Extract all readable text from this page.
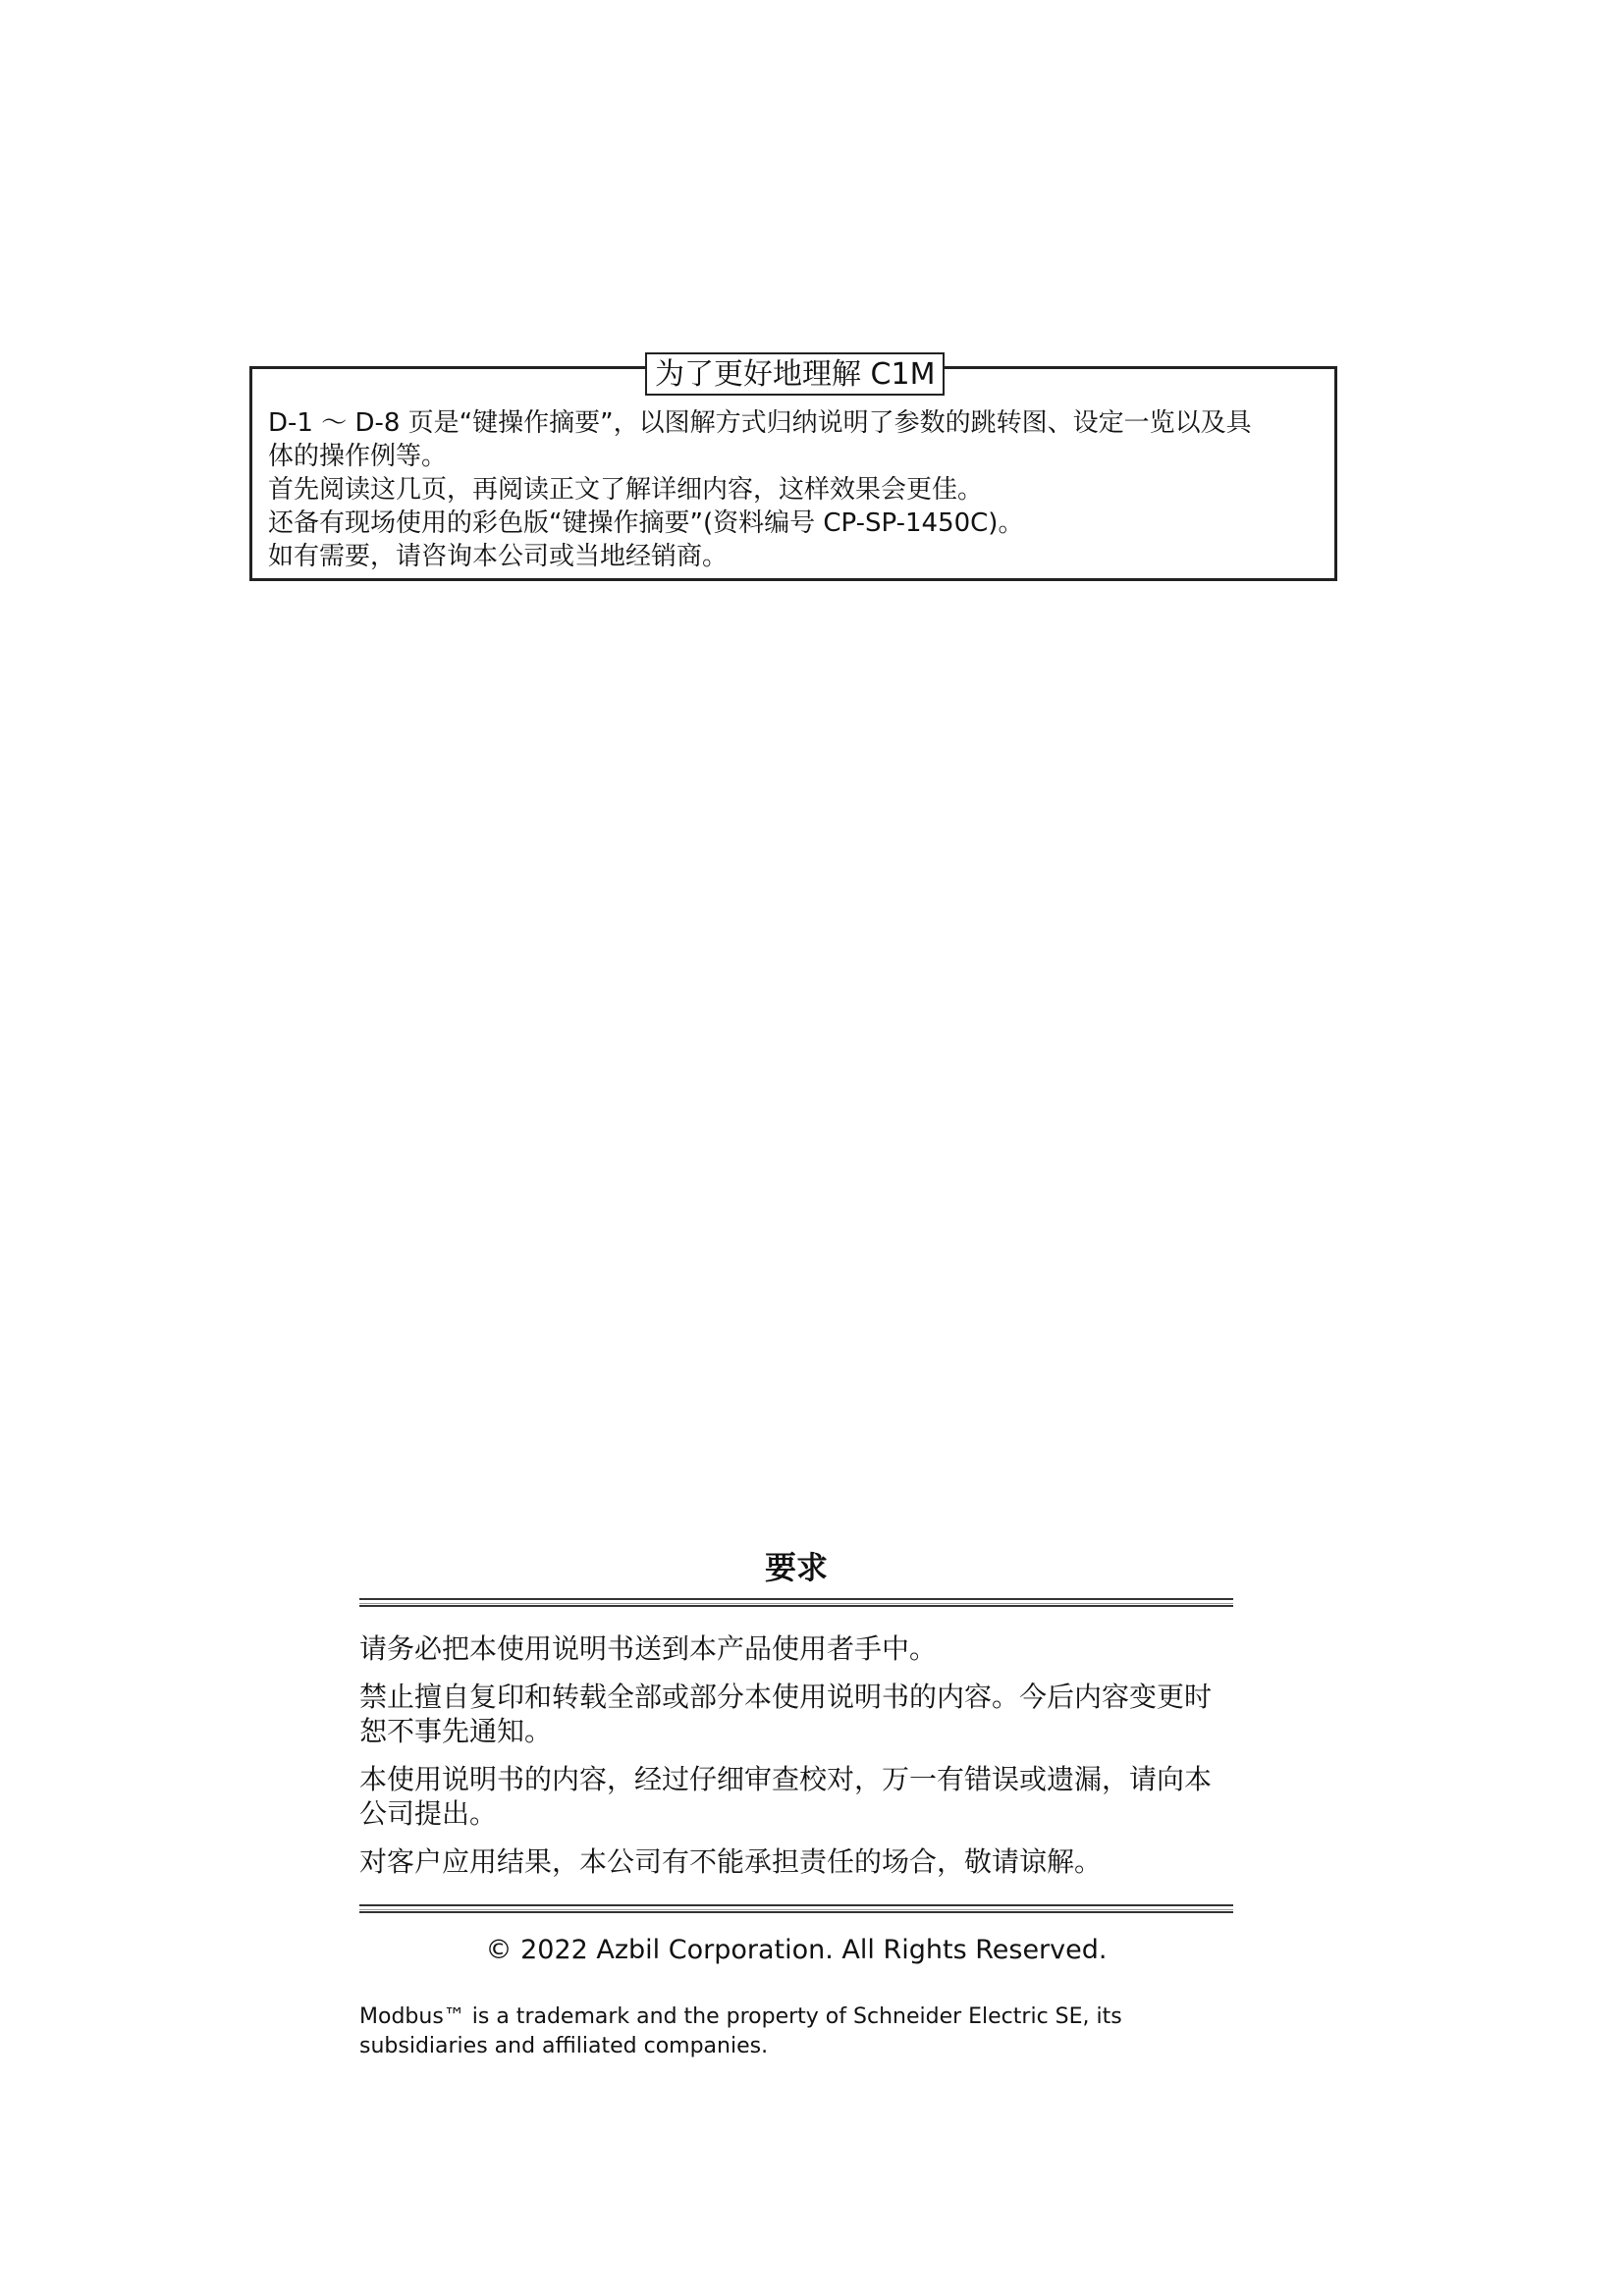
为了更好地理解 C1M
D-1 ～ D-8 页是“键操作摘要”，以图解方式归纳说明了参数的跳转图、设定一览以及具
体的操作例等。
首先阅读这几页，再阅读正文了解详细内容，这样效果会更佳。
还备有现场使用的彩色版“键操作摘要”(资料编号 CP-SP-1450C)。
如有需要，请咨询本公司或当地经销商。
要求
请务必把本使用说明书送到本产品使用者手中。
禁止擅自复印和转载全部或部分本使用说明书的内容。今后内容变更时
恕不事先通知。
本使用说明书的内容，经过仔细审查校对，万一有错误或遗漏，请向本
公司提出。
对客户应用结果，本公司有不能承担责任的场合，敬请谅解。
© 2022 Azbil Corporation. All Rights Reserved.
Modbus™ is a trademark and the property of Schneider Electric SE, its
subsidiaries and affiliated companies.
